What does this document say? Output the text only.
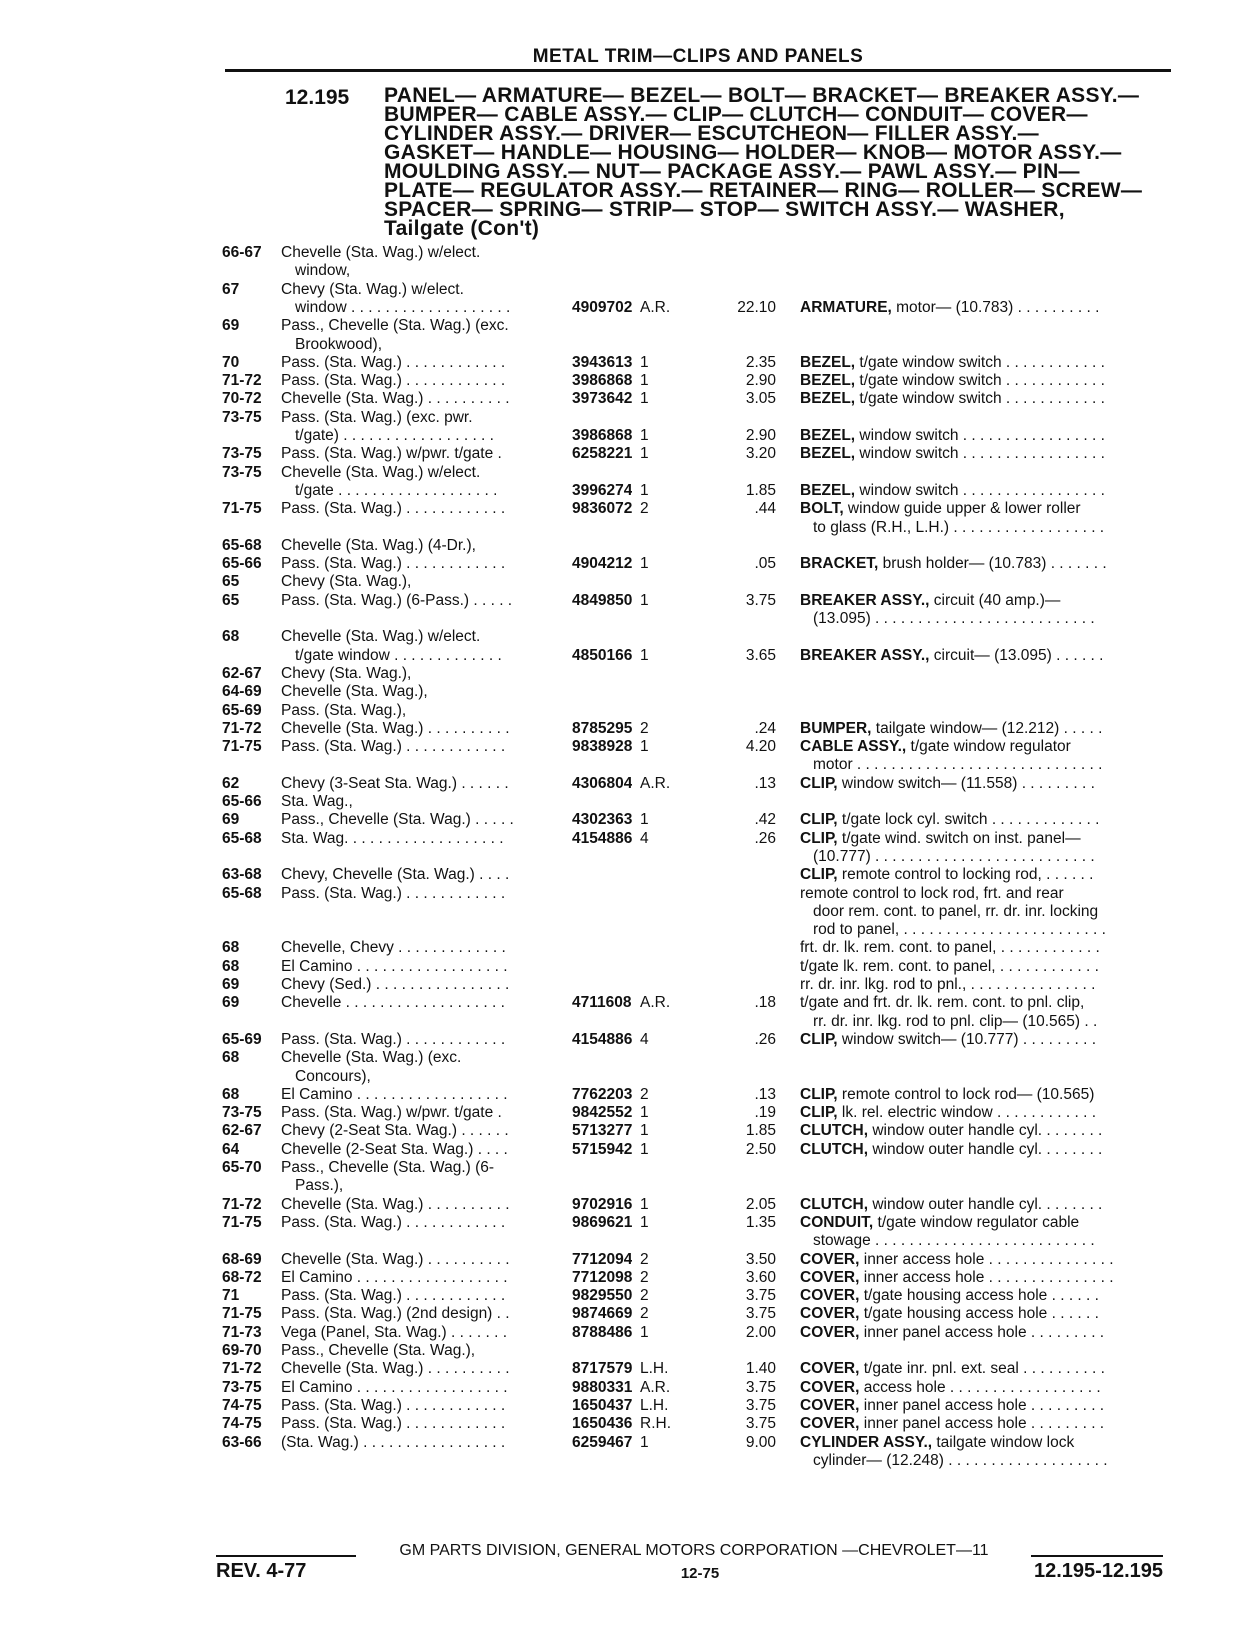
METAL TRIM—CLIPS AND PANELS
12.195 PANEL— ARMATURE— BEZEL— BOLT— BRACKET— BREAKER ASSY.—
BUMPER— CABLE ASSY.— CLIP— CLUTCH— CONDUIT— COVER—
CYLINDER ASSY.— DRIVER— ESCUTCHEON— FILLER ASSY.—
GASKET— HANDLE— HOUSING— HOLDER— KNOB— MOTOR ASSY.—
MOULDING ASSY.— NUT— PACKAGE ASSY.— PAWL ASSY.— PIN—
PLATE— REGULATOR ASSY.— RETAINER— RING— ROLLER— SCREW—
SPACER— SPRING— STRIP— STOP— SWITCH ASSY.— WASHER,
Tailgate (Con't)
66-67 Chevelle (Sta. Wag.) w/elect.
window,
67	Chevy (Sta. Wag.) w/elect.
window . . . . . . . . . . . . . . . . . . .	4909702 A.R.	22.10 ARMATURE, motor— (10.783) . . . . . . . . . .
69	Pass., Chevelle (Sta. Wag.) (exc.
Brookwood),
70	Pass. (Sta. Wag.) . . . . . . . . . . . .	3943613 1	2.35 BEZEL, t/gate window switch . . . . . . . . . . . .
71-72 Pass. (Sta. Wag.) . . . . . . . . . . . .	3986868 1	2.90 BEZEL, t/gate window switch . . . . . . . . . . . .
70-72 Chevelle (Sta. Wag.) . . . . . . . . . .	3973642 1	3.05 BEZEL, t/gate window switch . . . . . . . . . . . .
73-75 Pass. (Sta. Wag.) (exc. pwr.
t/gate) . . . . . . . . . . . . . . . . . .	3986868 1	2.90 BEZEL, window switch . . . . . . . . . . . . . . . . .
73-75 Pass. (Sta. Wag.) w/pwr. t/gate .	6258221 1	3.20 BEZEL, window switch . . . . . . . . . . . . . . . . .
73-75 Chevelle (Sta. Wag.) w/elect.
t/gate . . . . . . . . . . . . . . . . . . .	3996274 1	1.85 BEZEL, window switch . . . . . . . . . . . . . . . . .
71-75 Pass. (Sta. Wag.) . . . . . . . . . . . .	9836072 2	.44 BOLT, window guide upper & lower roller
to glass (R.H., L.H.) . . . . . . . . . . . . . . . . . .
65-68 Chevelle (Sta. Wag.) (4-Dr.),
65-66 Pass. (Sta. Wag.) . . . . . . . . . . . .	4904212 1	.05 BRACKET, brush holder— (10.783) . . . . . . .
65	Chevy (Sta. Wag.),
65	Pass. (Sta. Wag.) (6-Pass.) . . . . .	4849850 1	3.75 BREAKER ASSY., circuit (40 amp.)—
(13.095) . . . . . . . . . . . . . . . . . . . . . . . . . .
68	Chevelle (Sta. Wag.) w/elect.
t/gate window . . . . . . . . . . . . .	4850166 1	3.65 BREAKER ASSY., circuit— (13.095) . . . . . .
62-67 Chevy (Sta. Wag.),
64-69 Chevelle (Sta. Wag.),
65-69 Pass. (Sta. Wag.),
71-72 Chevelle (Sta. Wag.) . . . . . . . . . .	8785295 2	.24 BUMPER, tailgate window— (12.212) . . . . .
71-75 Pass. (Sta. Wag.) . . . . . . . . . . . .	9838928 1	4.20 CABLE ASSY., t/gate window regulator
motor . . . . . . . . . . . . . . . . . . . . . . . . . . . . .
62	Chevy (3-Seat Sta. Wag.) . . . . . .	4306804 A.R.	.13 CLIP, window switch— (11.558) . . . . . . . . .
65-66 Sta. Wag.,
69	Pass., Chevelle (Sta. Wag.) . . . . .	4302363 1	.42 CLIP, t/gate lock cyl. switch . . . . . . . . . . . . .
65-68 Sta. Wag. . . . . . . . . . . . . . . . . . .	4154886 4	.26 CLIP, t/gate wind. switch on inst. panel—
(10.777) . . . . . . . . . . . . . . . . . . . . . . . . . .
63-68 Chevy, Chevelle (Sta. Wag.) . . . .	CLIP, remote control to locking rod, . . . . . .
65-68 Pass. (Sta. Wag.) . . . . . . . . . . . .	remote control to lock rod, frt. and rear
door rem. cont. to panel, rr. dr. inr. locking
rod to panel, . . . . . . . . . . . . . . . . . . . . . . . .
68	Chevelle, Chevy . . . . . . . . . . . . .	frt. dr. lk. rem. cont. to panel, . . . . . . . . . . . .
68	El Camino . . . . . . . . . . . . . . . . . .	t/gate lk. rem. cont. to panel, . . . . . . . . . . . .
69	Chevy (Sed.) . . . . . . . . . . . . . . . .	rr. dr. inr. lkg. rod to pnl., . . . . . . . . . . . . . . .
69	Chevelle . . . . . . . . . . . . . . . . . . .	4711608 A.R.	.18 t/gate and frt. dr. lk. rem. cont. to pnl. clip,
rr. dr. inr. lkg. rod to pnl. clip— (10.565) . .
65-69 Pass. (Sta. Wag.) . . . . . . . . . . . .	4154886 4	.26 CLIP, window switch— (10.777) . . . . . . . . .
68	Chevelle (Sta. Wag.) (exc.
Concours),
68	El Camino . . . . . . . . . . . . . . . . . .	7762203 2	.13 CLIP, remote control to lock rod— (10.565)
73-75 Pass. (Sta. Wag.) w/pwr. t/gate .	9842552 1	.19 CLIP, lk. rel. electric window . . . . . . . . . . . .
62-67 Chevy (2-Seat Sta. Wag.) . . . . . .	5713277 1	1.85 CLUTCH, window outer handle cyl. . . . . . . .
64	Chevelle (2-Seat Sta. Wag.) . . . .	5715942 1	2.50 CLUTCH, window outer handle cyl. . . . . . . .
65-70 Pass., Chevelle (Sta. Wag.) (6-
Pass.),
71-72 Chevelle (Sta. Wag.) . . . . . . . . . .	9702916 1	2.05 CLUTCH, window outer handle cyl. . . . . . . .
71-75 Pass. (Sta. Wag.) . . . . . . . . . . . .	9869621 1	1.35 CONDUIT, t/gate window regulator cable
stowage . . . . . . . . . . . . . . . . . . . . . . . . . .
68-69 Chevelle (Sta. Wag.) . . . . . . . . . .	7712094 2	3.50 COVER, inner access hole . . . . . . . . . . . . . . .
68-72 El Camino . . . . . . . . . . . . . . . . . .	7712098 2	3.60 COVER, inner access hole . . . . . . . . . . . . . . .
71	Pass. (Sta. Wag.) . . . . . . . . . . . .	9829550 2	3.75 COVER, t/gate housing access hole . . . . . .
71-75 Pass. (Sta. Wag.) (2nd design) . .	9874669 2	3.75 COVER, t/gate housing access hole . . . . . .
71-73 Vega (Panel, Sta. Wag.) . . . . . . .	8788486 1	2.00 COVER, inner panel access hole . . . . . . . . .
69-70 Pass., Chevelle (Sta. Wag.),
71-72 Chevelle (Sta. Wag.) . . . . . . . . . .	8717579 L.H.	1.40 COVER, t/gate inr. pnl. ext. seal . . . . . . . . . .
73-75 El Camino . . . . . . . . . . . . . . . . . .	9880331 A.R.	3.75 COVER, access hole . . . . . . . . . . . . . . . . . .
74-75 Pass. (Sta. Wag.) . . . . . . . . . . . .	1650437 L.H.	3.75 COVER, inner panel access hole . . . . . . . . .
74-75 Pass. (Sta. Wag.) . . . . . . . . . . . .	1650436 R.H.	3.75 COVER, inner panel access hole . . . . . . . . .
63-66 (Sta. Wag.) . . . . . . . . . . . . . . . . .	6259467 1	9.00 CYLINDER ASSY., tailgate window lock
cylinder— (12.248) . . . . . . . . . . . . . . . . . . .
GM PARTS DIVISION, GENERAL MOTORS CORPORATION —CHEVROLET—11
REV. 4-77	12-75	12.195-12.195
